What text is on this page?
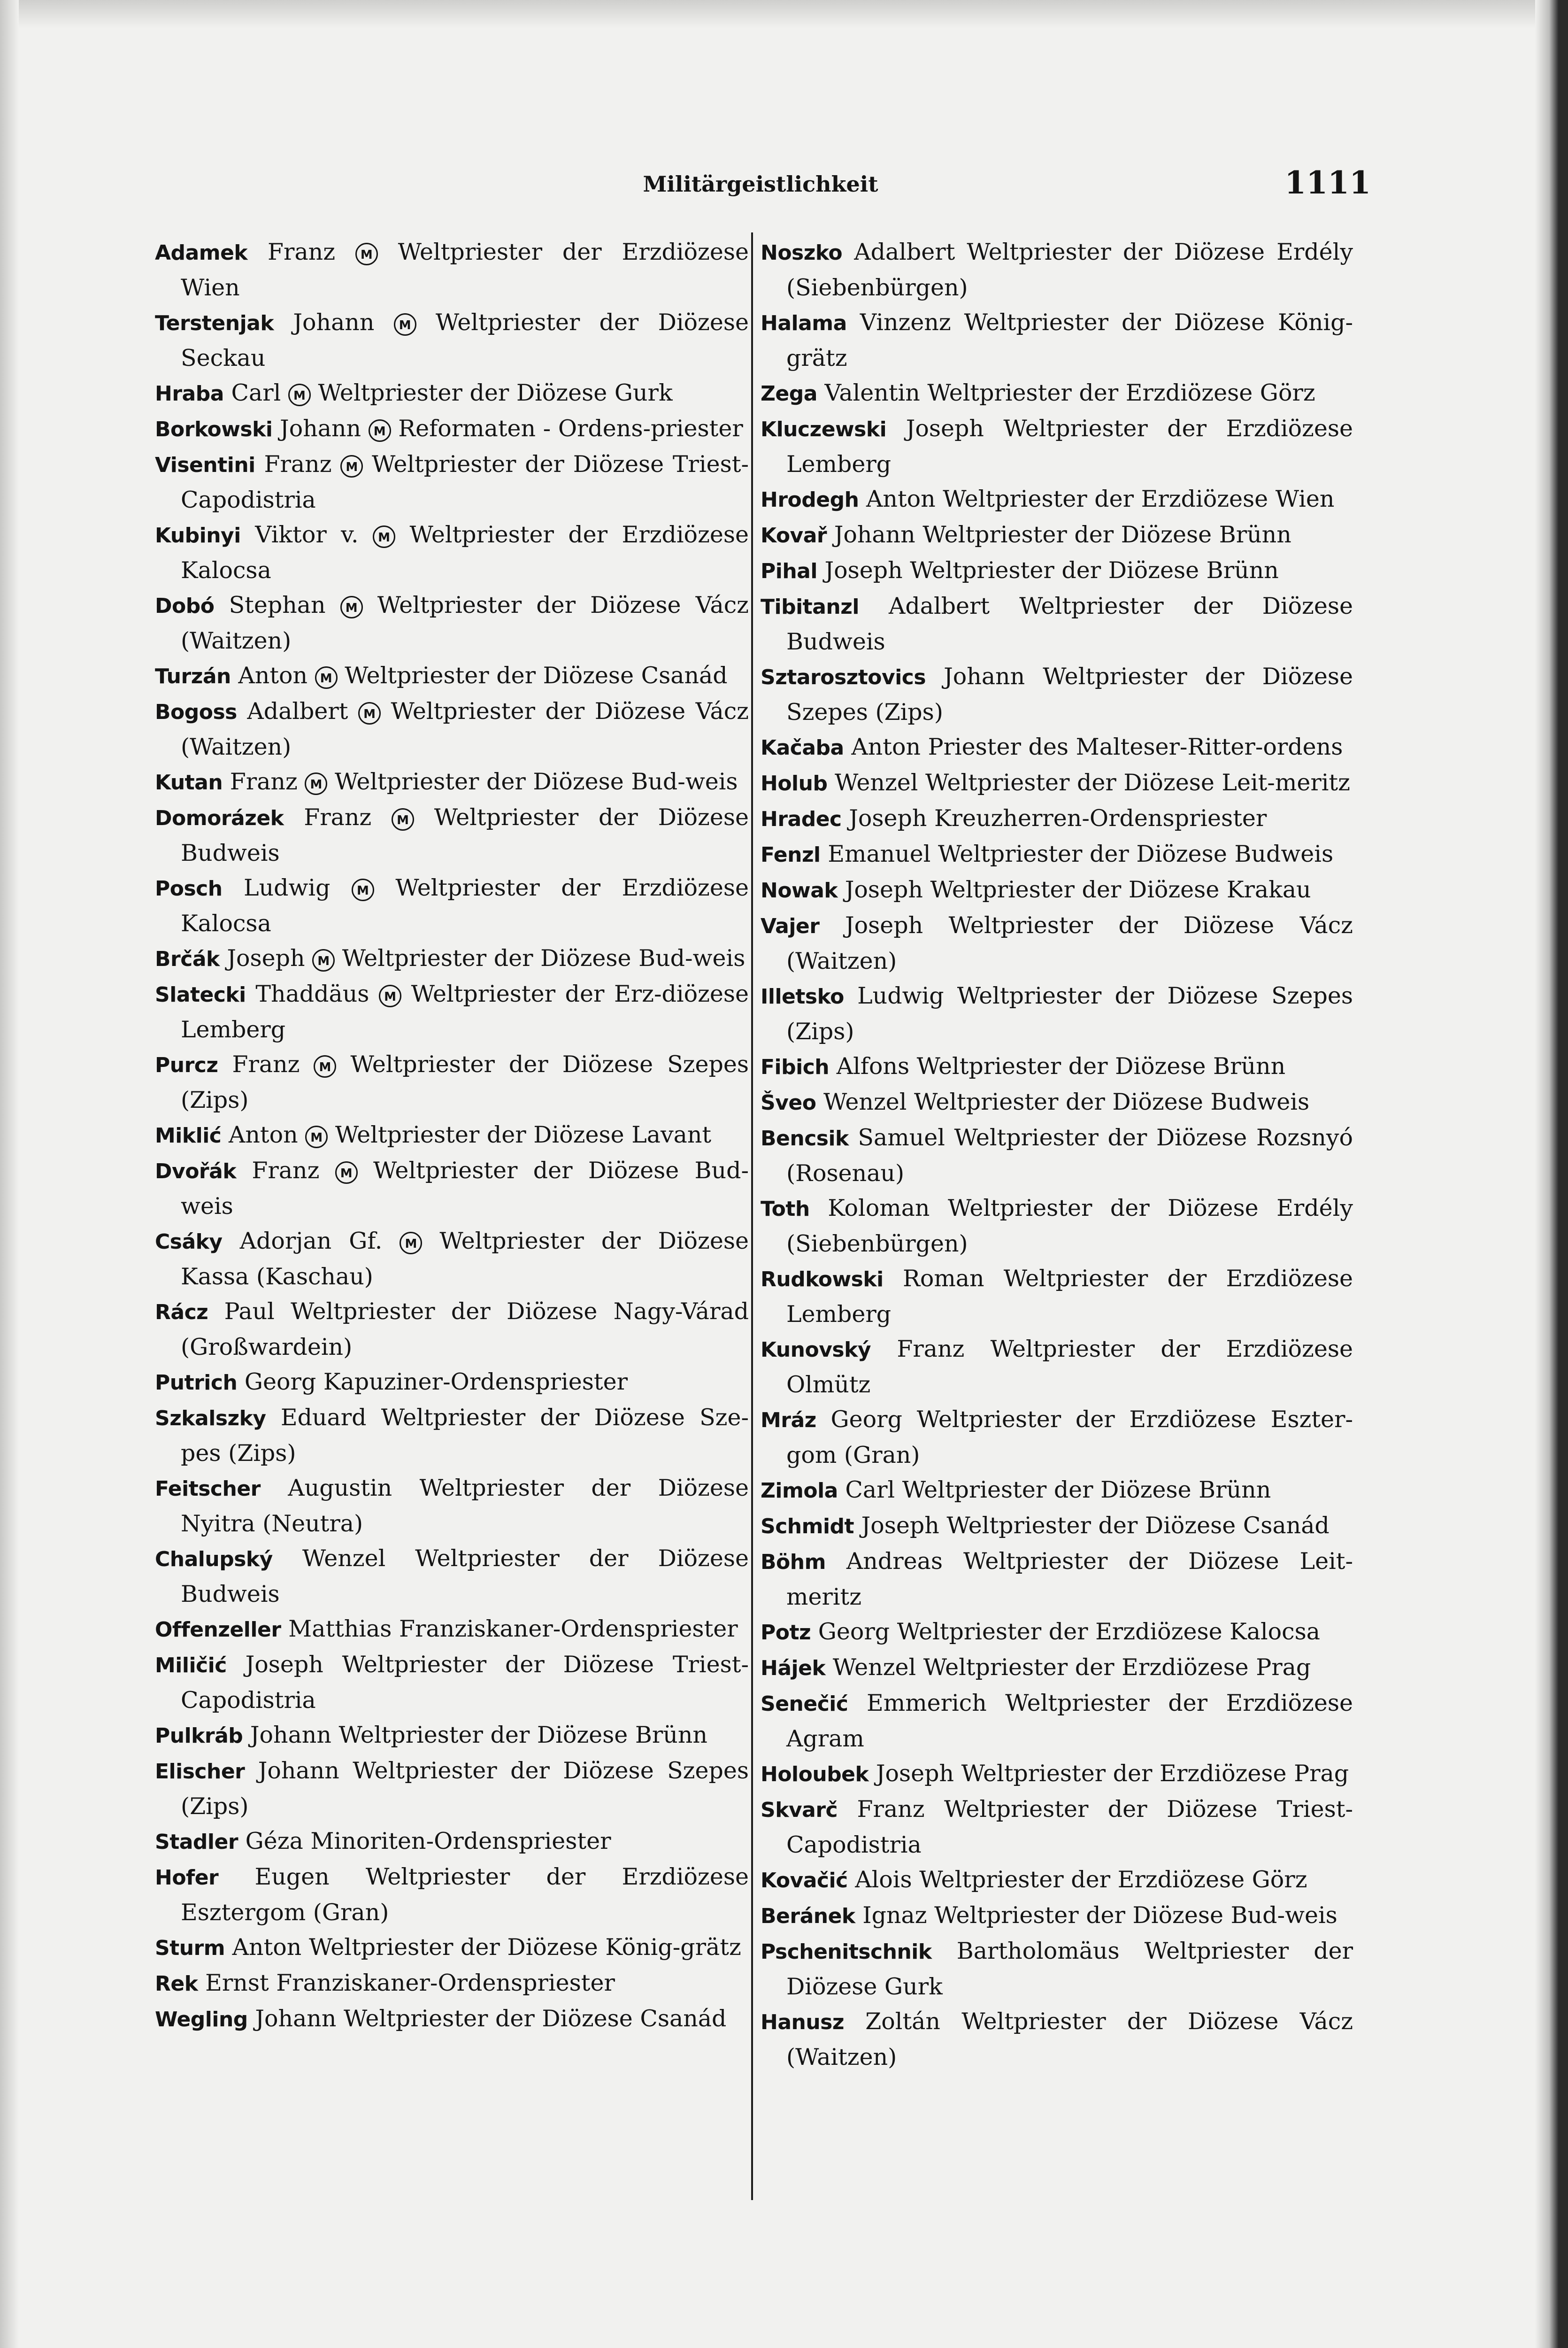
Militärgeistlichkeit	1111
Adamek Franz M Weltpriester der Erzdiözese Wien
Terstenjak Johann M Weltpriester der Diözese Seckau
Hraba Carl M Weltpriester der Diözese Gurk
Borkowski Johann M Reformaten - Ordens-priester
Visentini Franz M Weltpriester der Diözese Triest-Capodistria
Kubinyi Viktor v. M Weltpriester der Erzdiözese Kalocsa
Dobó Stephan M Weltpriester der Diözese Vácz (Waitzen)
Turzán Anton M Weltpriester der Diözese Csanád
Bogoss Adalbert M Weltpriester der Diözese Vácz (Waitzen)
Kutan Franz M Weltpriester der Diözese Bud-weis
Domorázek Franz M Weltpriester der Diözese Budweis
Posch Ludwig M Weltpriester der Erzdiözese Kalocsa
Brčák Joseph M Weltpriester der Diözese Bud-weis
Slatecki Thaddäus M Weltpriester der Erz-diözese Lemberg
Purcz Franz M Weltpriester der Diözese Szepes (Zips)
Miklić Anton M Weltpriester der Diözese Lavant
Dvořák Franz M Weltpriester der Diözese Bud-weis
Csáky Adorjan Gf. M Weltpriester der Diözese Kassa (Kaschau)
Rácz Paul Weltpriester der Diözese Nagy-Várad (Großwardein)
Putrich Georg Kapuziner-Ordenspriester
Szkalszky Eduard Weltpriester der Diözese Sze-pes (Zips)
Feitscher Augustin Weltpriester der Diözese Nyitra (Neutra)
Chalupský Wenzel Weltpriester der Diözese Budweis
Offenzeller Matthias Franziskaner-Ordenspriester
Miličić Joseph Weltpriester der Diözese Triest-Capodistria
Pulkráb Johann Weltpriester der Diözese Brünn
Elischer Johann Weltpriester der Diözese Szepes (Zips)
Stadler Géza Minoriten-Ordenspriester
Hofer Eugen Weltpriester der Erzdiözese Esztergom (Gran)
Sturm Anton Weltpriester der Diözese König-grätz
Rek Ernst Franziskaner-Ordenspriester
Wegling Johann Weltpriester der Diözese Csanád
Noszko Adalbert Weltpriester der Diözese Erdély (Siebenbürgen)
Halama Vinzenz Weltpriester der Diözese König-grätz
Zega Valentin Weltpriester der Erzdiözese Görz
Kluczewski Joseph Weltpriester der Erzdiözese Lemberg
Hrodegh Anton Weltpriester der Erzdiözese Wien
Kovař Johann Weltpriester der Diözese Brünn
Pihal Joseph Weltpriester der Diözese Brünn
Tibitanzl Adalbert Weltpriester der Diözese Budweis
Sztarosztovics Johann Weltpriester der Diözese Szepes (Zips)
Kačaba Anton Priester des Malteser-Ritter-ordens
Holub Wenzel Weltpriester der Diözese Leit-meritz
Hradec Joseph Kreuzherren-Ordenspriester
Fenzl Emanuel Weltpriester der Diözese Budweis
Nowak Joseph Weltpriester der Diözese Krakau
Vajer Joseph Weltpriester der Diözese Vácz (Waitzen)
Illetsko Ludwig Weltpriester der Diözese Szepes (Zips)
Fibich Alfons Weltpriester der Diözese Brünn
Šveo Wenzel Weltpriester der Diözese Budweis
Bencsik Samuel Weltpriester der Diözese Rozsnyó (Rosenau)
Toth Koloman Weltpriester der Diözese Erdély (Siebenbürgen)
Rudkowski Roman Weltpriester der Erzdiözese Lemberg
Kunovský Franz Weltpriester der Erzdiözese Olmütz
Mráz Georg Weltpriester der Erzdiözese Eszter-gom (Gran)
Zimola Carl Weltpriester der Diözese Brünn
Schmidt Joseph Weltpriester der Diözese Csanád
Böhm Andreas Weltpriester der Diözese Leit-meritz
Potz Georg Weltpriester der Erzdiözese Kalocsa
Hájek Wenzel Weltpriester der Erzdiözese Prag
Senečić Emmerich Weltpriester der Erzdiözese Agram
Holoubek Joseph Weltpriester der Erzdiözese Prag
Skvarč Franz Weltpriester der Diözese Triest-Capodistria
Kovačić Alois Weltpriester der Erzdiözese Görz
Beránek Ignaz Weltpriester der Diözese Bud-weis
Pschenitschnik Bartholomäus Weltpriester der Diözese Gurk
Hanusz Zoltán Weltpriester der Diözese Vácz (Waitzen)
